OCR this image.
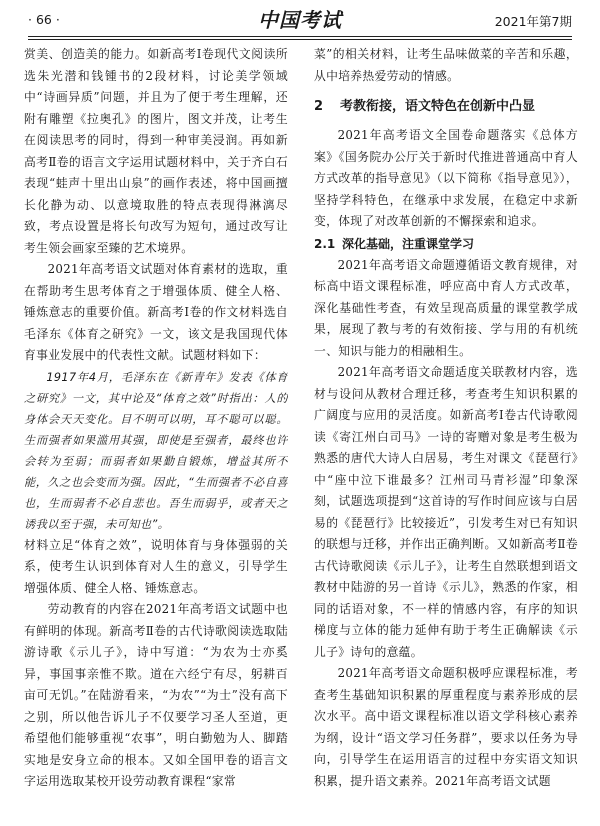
· 66 ·	中国考试	2021年第7期

赏美、创造美的能力。如新高考Ⅰ卷现代文阅读所选朱光潜和钱锺书的2段材料，讨论美学领域中“诗画异质”问题，并且为了便于考生理解，还附有雕塑《拉奥孔》的图片，图文并茂，让考生在阅读思考的同时，得到一种审美浸润。再如新高考Ⅱ卷的语言文字运用试题材料中，关于齐白石表现“蛙声十里出山泉”的画作表述，将中国画擅长化静为动、以意境取胜的特点表现得淋漓尽致，考点设置是将长句改写为短句，通过改写让考生领会画家至臻的艺术境界。

2021年高考语文试题对体育素材的选取，重在帮助考生思考体育之于增强体质、健全人格、锤炼意志的重要价值。新高考Ⅰ卷的作文材料选自毛泽东《体育之研究》一文，该文是我国现代体育事业发展中的代表性文献。试题材料如下：

1917年4月，毛泽东在《新青年》发表《体育之研究》一文，其中论及“体育之效”时指出：人的身体会天天变化。目不明可以明，耳不聪可以聪。生而强者如果滥用其强，即使是至强者，最终也许会转为至弱；而弱者如果勤自锻炼，增益其所不能，久之也会变而为强。因此，“生而强者不必自喜也，生而弱者不必自悲也。吾生而弱乎，或者天之诱我以至于强，未可知也”。

材料立足“体育之效”，说明体育与身体强弱的关系，使考生认识到体育对人生的意义，引导学生增强体质、健全人格、锤炼意志。

劳动教育的内容在2021年高考语文试题中也有鲜明的体现。新高考Ⅱ卷的古代诗歌阅读选取陆游诗歌《示儿子》，诗中写道：“为农为士亦奚异，事国事亲惟不欺。道在六经宁有尽，躬耕百亩可无饥。”在陆游看来，“为农”“为士”没有高下之别，所以他告诉儿子不仅要学习圣人至道，更希望他们能够重视“农事”，明白勤勉为人、脚踏实地是安身立命的根本。又如全国甲卷的语言文字运用选取某校开设劳动教育课程“家常

菜”的相关材料，让考生品味做菜的辛苦和乐趣，从中培养热爱劳动的情感。

2 考教衔接，语文特色在创新中凸显

2021年高考语文全国卷命题落实《总体方案》《国务院办公厅关于新时代推进普通高中育人方式改革的指导意见》（以下简称《指导意见》），坚持学科特色，在继承中求发展，在稳定中求新变，体现了对改革创新的不懈探索和追求。

2.1 深化基础，注重课堂学习

2021年高考语文命题遵循语文教育规律，对标高中语文课程标准，呼应高中育人方式改革，深化基础性考查，有效呈现高质量的课堂教学成果，展现了教与考的有效衔接、学与用的有机统一、知识与能力的相融相生。

2021年高考语文命题适度关联教材内容，选材与设问从教材合理迁移，考查考生知识积累的广阔度与应用的灵活度。如新高考Ⅰ卷古代诗歌阅读《寄江州白司马》一诗的寄赠对象是考生极为熟悉的唐代大诗人白居易，考生对课文《琵琶行》中“座中泣下谁最多？江州司马青衫湿”印象深刻，试题选项提到“这首诗的写作时间应该与白居易的《琵琶行》比较接近”，引发考生对已有知识的联想与迁移，并作出正确判断。又如新高考Ⅱ卷古代诗歌阅读《示儿子》，让考生自然联想到语文教材中陆游的另一首诗《示儿》，熟悉的作家，相同的话语对象，不一样的情感内容，有序的知识梯度与立体的能力延伸有助于考生正确解读《示儿子》诗句的意蕴。

2021年高考语文命题积极呼应课程标准，考查考生基础知识积累的厚重程度与素养形成的层次水平。高中语文课程标准以语文学科核心素养为纲，设计“语文学习任务群”，要求以任务为导向，引导学生在运用语言的过程中夯实语文知识积累，提升语文素养。2021年高考语文试题
